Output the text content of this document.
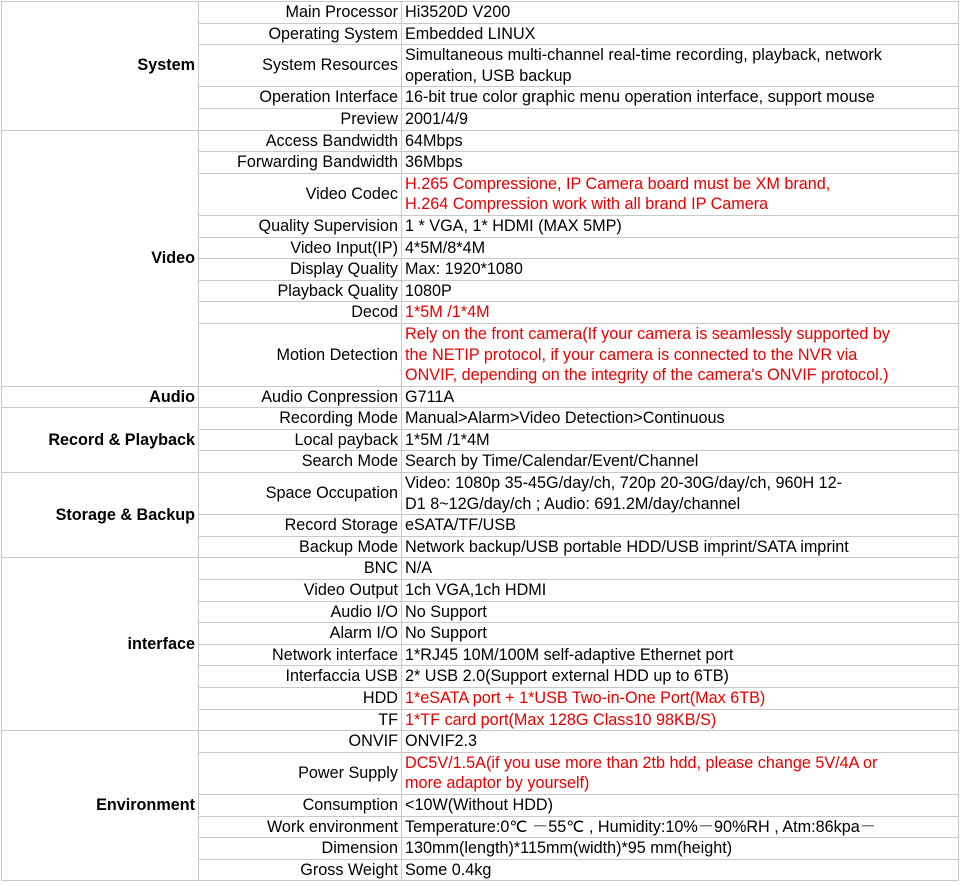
System	Main Processor	Hi3520D V200
	Operating System	Embedded LINUX
	System Resources	Simultaneous multi-channel real-time recording, playback, network
operation, USB backup
	Operation Interface	16-bit true color graphic menu operation interface, support mouse
	Preview	2001/4/9
Video	Access Bandwidth	64Mbps
	Forwarding Bandwidth	36Mbps
	Video Codec	H.265 Compressione, IP Camera board must be XM brand,
H.264 Compression work with all brand IP Camera
	Quality Supervision	1 * VGA, 1* HDMI (MAX 5MP)
	Video Input(IP)	4*5M/8*4M
	Display Quality	Max: 1920*1080
	Playback Quality	1080P
	Decod	1*5M /1*4M
	Motion Detection	Rely on the front camera(If your camera is seamlessly supported by
the NETIP protocol, if your camera is connected to the NVR via
ONVIF, depending on the integrity of the camera's ONVIF protocol.)
Audio	Audio Conpression	G711A
Record & Playback	Recording Mode	Manual>Alarm>Video Detection>Continuous
	Local payback	1*5M /1*4M
	Search Mode	Search by Time/Calendar/Event/Channel
Storage & Backup	Space Occupation	Video: 1080p 35-45G/day/ch, 720p 20-30G/day/ch, 960H 12-
D1 8~12G/day/ch ; Audio: 691.2M/day/channel
	Record Storage	eSATA/TF/USB
	Backup Mode	Network backup/USB portable HDD/USB imprint/SATA imprint
interface	BNC	N/A
	Video Output	1ch VGA,1ch HDMI
	Audio I/O	No Support
	Alarm I/O	No Support
	Network interface	1*RJ45 10M/100M self-adaptive Ethernet port
	Interfaccia USB	2* USB 2.0(Support external HDD up to 6TB)
	HDD	1*eSATA port + 1*USB Two-in-One Port(Max 6TB)
	TF	1*TF card port(Max 128G Class10 98KB/S)
Environment	ONVIF	ONVIF2.3
	Power Supply	DC5V/1.5A(if you use more than 2tb hdd, please change 5V/4A or
more adaptor by yourself)
	Consumption	<10W(Without HDD)
	Work environment	Temperature:0℃ －55℃ , Humidity:10%－90%RH , Atm:86kpa－
	Dimension	130mm(length)*115mm(width)*95 mm(height)
	Gross Weight	Some 0.4kg
